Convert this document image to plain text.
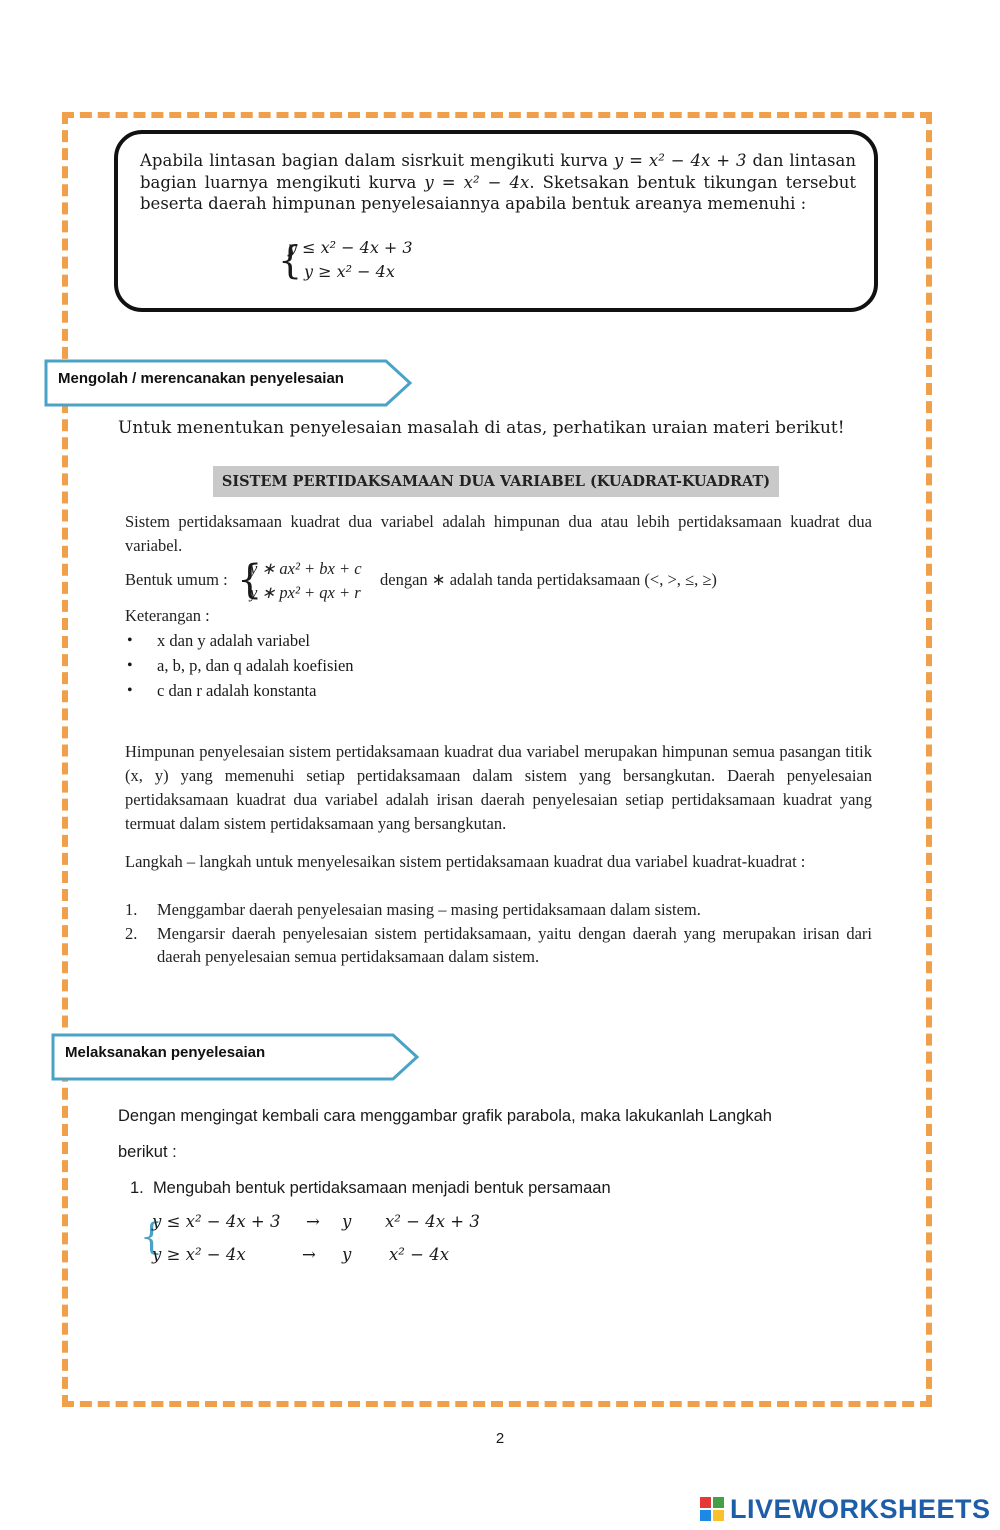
Apabila lintasan bagian dalam sisrkuit mengikuti kurva y = x² − 4x + 3 dan lintasan bagian luarnya mengikuti kurva y = x² − 4x. Sketsakan bentuk tikungan tersebut beserta daerah himpunan penyelesaiannya apabila bentuk areanya memenuhi :
{
y ≤ x² − 4x + 3
y ≥ x² − 4x
Mengolah / merencanakan penyelesaian
Untuk menentukan penyelesaian masalah di atas, perhatikan uraian materi berikut!
SISTEM PERTIDAKSAMAAN DUA VARIABEL (KUADRAT-KUADRAT)
Sistem pertidaksamaan kuadrat dua variabel adalah himpunan dua atau lebih pertidaksamaan kuadrat dua variabel.
Bentuk umum : {
y ∗ ax² + bx + c
y ∗ px² + qx + r
dengan ∗ adalah tanda pertidaksamaan (<, >, ≤, ≥)
Keterangan :
• x dan y adalah variabel
• a, b, p, dan q adalah koefisien
• c dan r adalah konstanta
Himpunan penyelesaian sistem pertidaksamaan kuadrat dua variabel merupakan himpunan semua pasangan titik (x, y) yang memenuhi setiap pertidaksamaan dalam sistem yang bersangkutan. Daerah penyelesaian pertidaksamaan kuadrat dua variabel adalah irisan daerah penyelesaian setiap pertidaksamaan kuadrat yang termuat dalam sistem pertidaksamaan yang bersangkutan.
Langkah – langkah untuk menyelesaikan sistem pertidaksamaan kuadrat dua variabel kuadrat-kuadrat :
1. Menggambar daerah penyelesaian masing – masing pertidaksamaan dalam sistem.
2. Mengarsir daerah penyelesaian sistem pertidaksamaan, yaitu dengan daerah yang merupakan irisan dari daerah penyelesaian semua pertidaksamaan dalam sistem.
Melaksanakan penyelesaian
Dengan mengingat kembali cara menggambar grafik parabola, maka lakukanlah Langkah
berikut :
1. Mengubah bentuk pertidaksamaan menjadi bentuk persamaan
{
y ≤ x² − 4x + 3 → y x² − 4x + 3
y ≥ x² − 4x	→ y x² − 4x
2
LIVEWORKSHEETS
